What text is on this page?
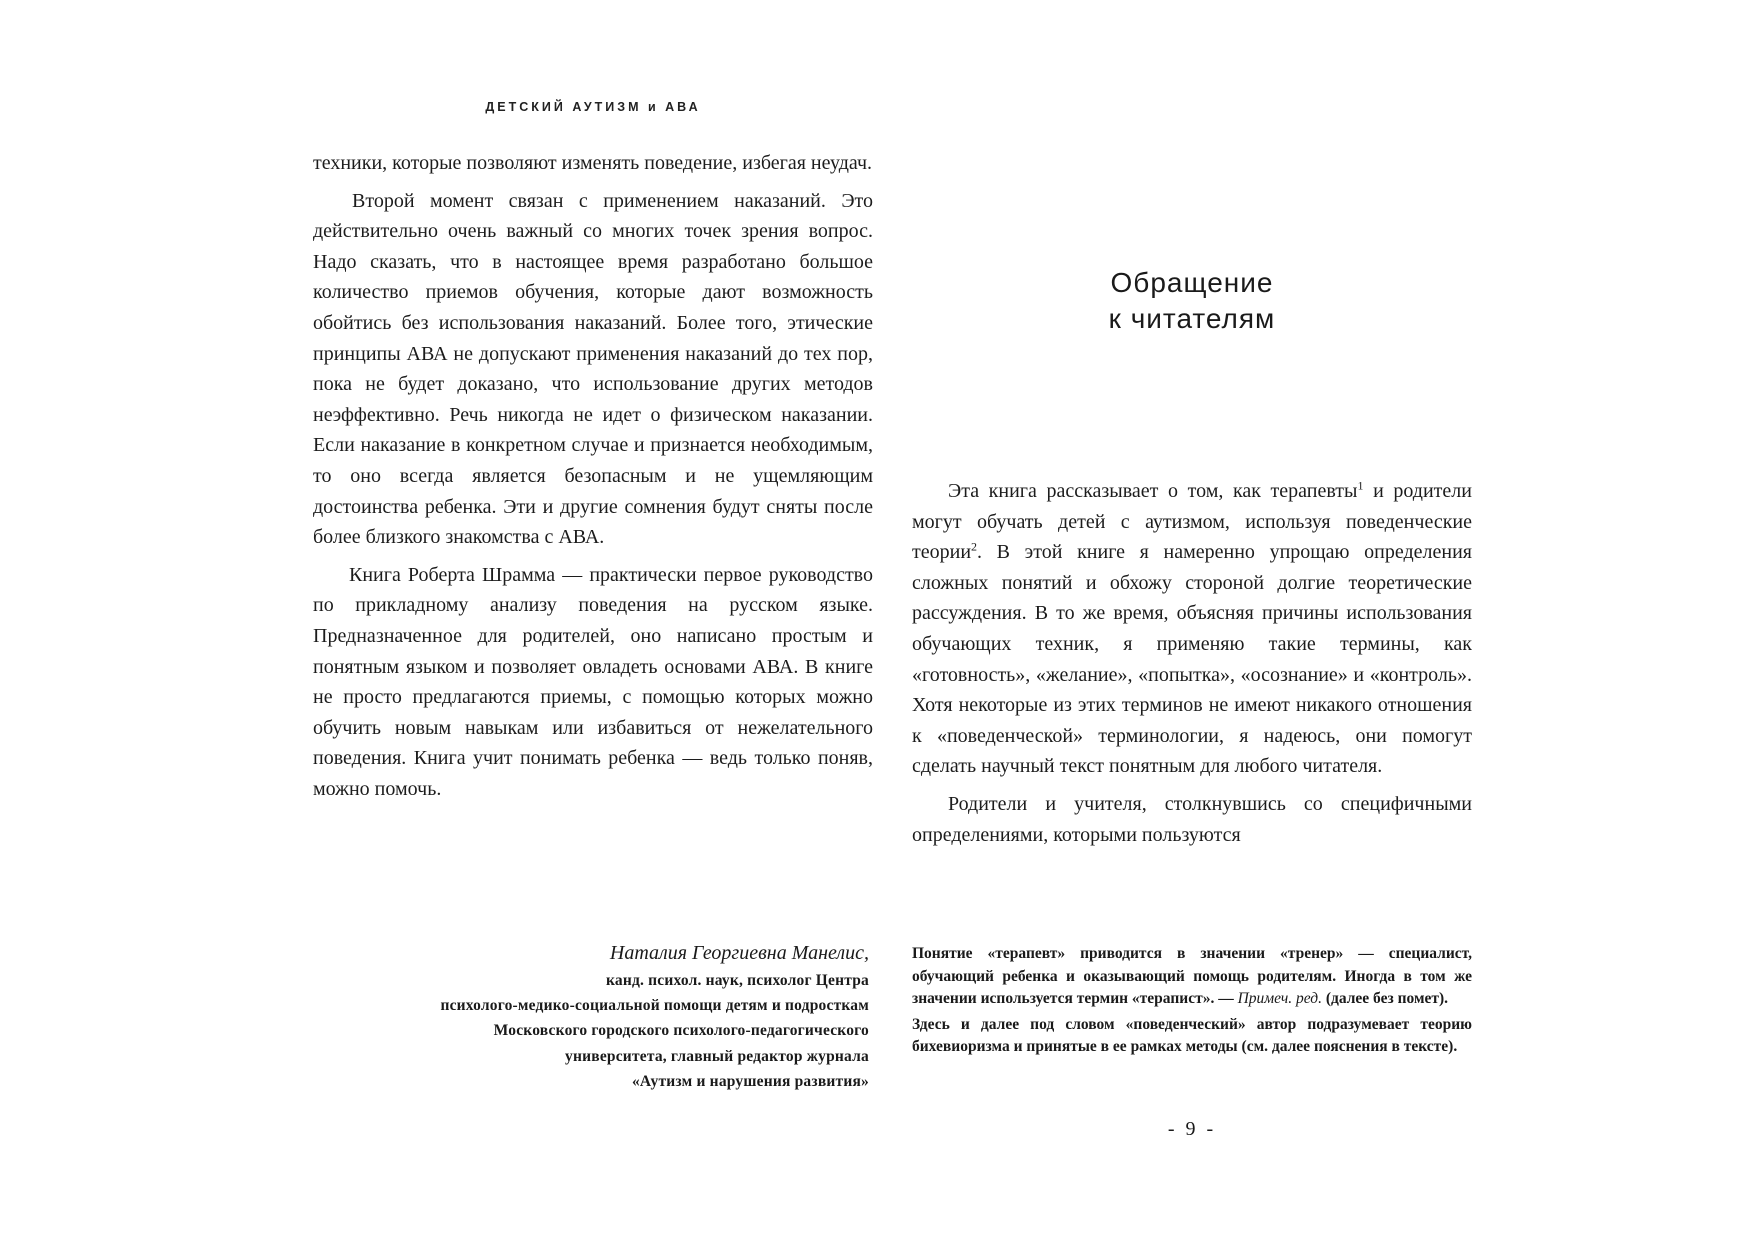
ДЕТСКИЙ АУТИЗМ и АВА

техники, которые позволяют изменять поведение, избегая неудач.

Второй момент связан с применением наказаний. Это действительно очень важный со многих точек зрения вопрос. Надо сказать, что в настоящее время разработано большое количество приемов обучения, которые дают возможность обойтись без использования наказаний. Более того, этические принципы АВА не допускают применения наказаний до тех пор, пока не будет доказано, что использование других методов неэффективно. Речь никогда не идет о физическом наказании. Если наказание в конкретном случае и признается необходимым, то оно всегда является безопасным и не ущемляющим достоинства ребенка. Эти и другие сомнения будут сняты после более близкого знакомства с АВА.

Книга Роберта Шрамма — практически первое руководство по прикладному анализу поведения на русском языке. Предназначенное для родителей, оно написано простым и понятным языком и позволяет овладеть основами АВА. В книге не просто предлагаются приемы, с помощью которых можно обучить новым навыкам или избавиться от нежелательного поведения. Книга учит понимать ребенка — ведь только поняв, можно помочь.

Наталия Георгиевна Манелис,

канд. психол. наук, психолог Центра

психолого-медико-социальной помощи детям и подросткам

Московского городского психолого-педагогического

университета, главный редактор журнала

«Аутизм и нарушения развития»

Обращение
к читателям

Эта книга рассказывает о том, как терапевты$^1$ и родители могут обучать детей с аутизмом, используя поведенческие теории$^2$. В этой книге я намеренно упрощаю определения сложных понятий и обхожу стороной долгие теоретические рассуждения. В то же время, объясняя причины использования обучающих техник, я применяю такие термины, как «готовность», «желание», «попытка», «осознание» и «контроль». Хотя некоторые из этих терминов не имеют никакого отношения к «поведенческой» терминологии, я надеюсь, они помогут сделать научный текст понятным для любого читателя.

Родители и учителя, столкнувшись со специфичными определениями, которыми пользуются

Понятие «терапевт» приводится в значении «тренер» — специалист, обучающий ребенка и оказывающий помощь родителям. Иногда в том же значении используется термин «терапист». — Примеч. ред. (далее без помет).

Здесь и далее под словом «поведенческий» автор подразумевает теорию бихевиоризма и принятые в ее рамках методы (см. далее пояснения в тексте).

- 9 -
